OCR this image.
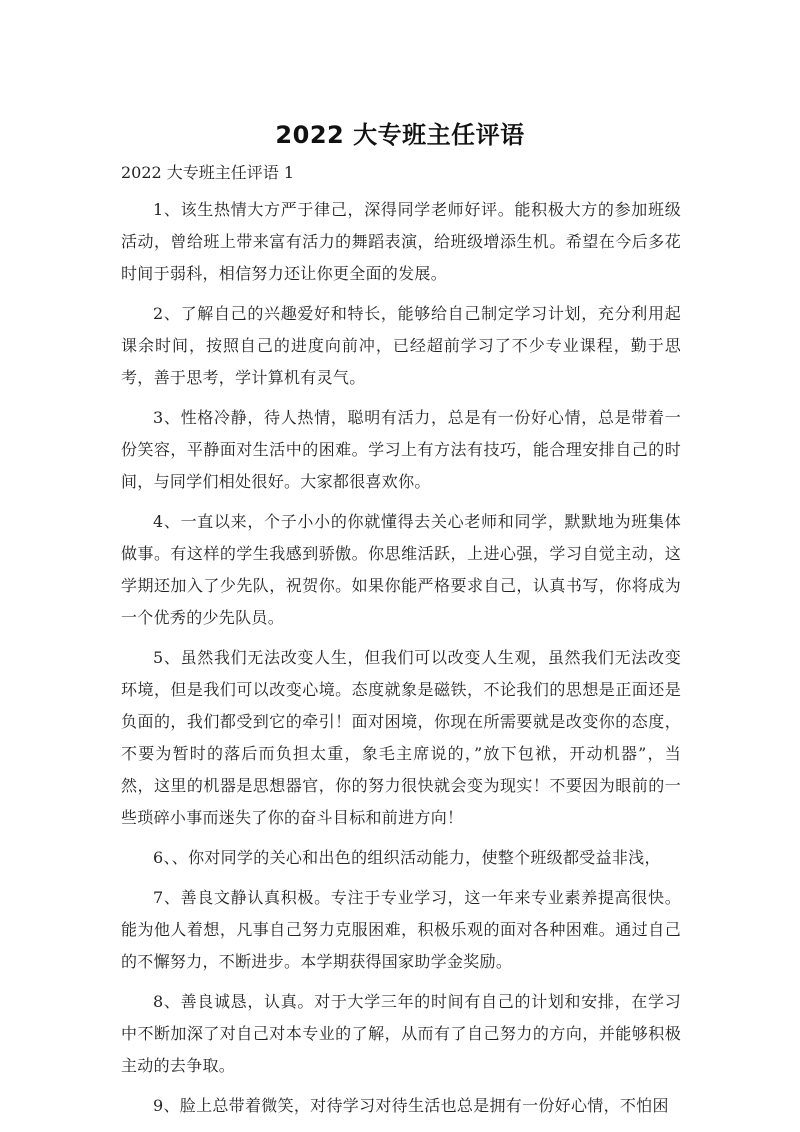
2022 大专班主任评语
2022 大专班主任评语 1

1、该生热情大方严于律己，深得同学老师好评。能积极大方的参加班级活动，曾给班上带来富有活力的舞蹈表演，给班级增添生机。希望在今后多花时间于弱科，相信努力还让你更全面的发展。

2、了解自己的兴趣爱好和特长，能够给自己制定学习计划，充分利用起课余时间，按照自己的进度向前冲，已经超前学习了不少专业课程，勤于思考，善于思考，学计算机有灵气。

3、性格冷静，待人热情，聪明有活力，总是有一份好心情，总是带着一份笑容，平静面对生活中的困难。学习上有方法有技巧，能合理安排自己的时间，与同学们相处很好。大家都很喜欢你。

4、一直以来，个子小小的你就懂得去关心老师和同学，默默地为班集体做事。有这样的学生我感到骄傲。你思维活跃，上进心强，学习自觉主动，这学期还加入了少先队，祝贺你。如果你能严格要求自己，认真书写，你将成为一个优秀的少先队员。

5、虽然我们无法改变人生，但我们可以改变人生观，虽然我们无法改变环境，但是我们可以改变心境。态度就象是磁铁，不论我们的思想是正面还是负面的，我们都受到它的牵引！面对困境，你现在所需要就是改变你的态度，不要为暂时的落后而负担太重，象毛主席说的，”放下包袱，开动机器”，当然，这里的机器是思想器官，你的努力很快就会变为现实！不要因为眼前的一些琐碎小事而迷失了你的奋斗目标和前进方向！

6、、你对同学的关心和出色的组织活动能力，使整个班级都受益非浅，

7、善良文静认真积极。专注于专业学习，这一年来专业素养提高很快。能为他人着想，凡事自己努力克服困难，积极乐观的面对各种困难。通过自己的不懈努力，不断进步。本学期获得国家助学金奖励。

8、善良诚恳，认真。对于大学三年的时间有自己的计划和安排，在学习中不断加深了对自己对本专业的了解，从而有了自己努力的方向，并能够积极主动的去争取。

9、脸上总带着微笑，对待学习对待生活也总是拥有一份好心情，不怕困
